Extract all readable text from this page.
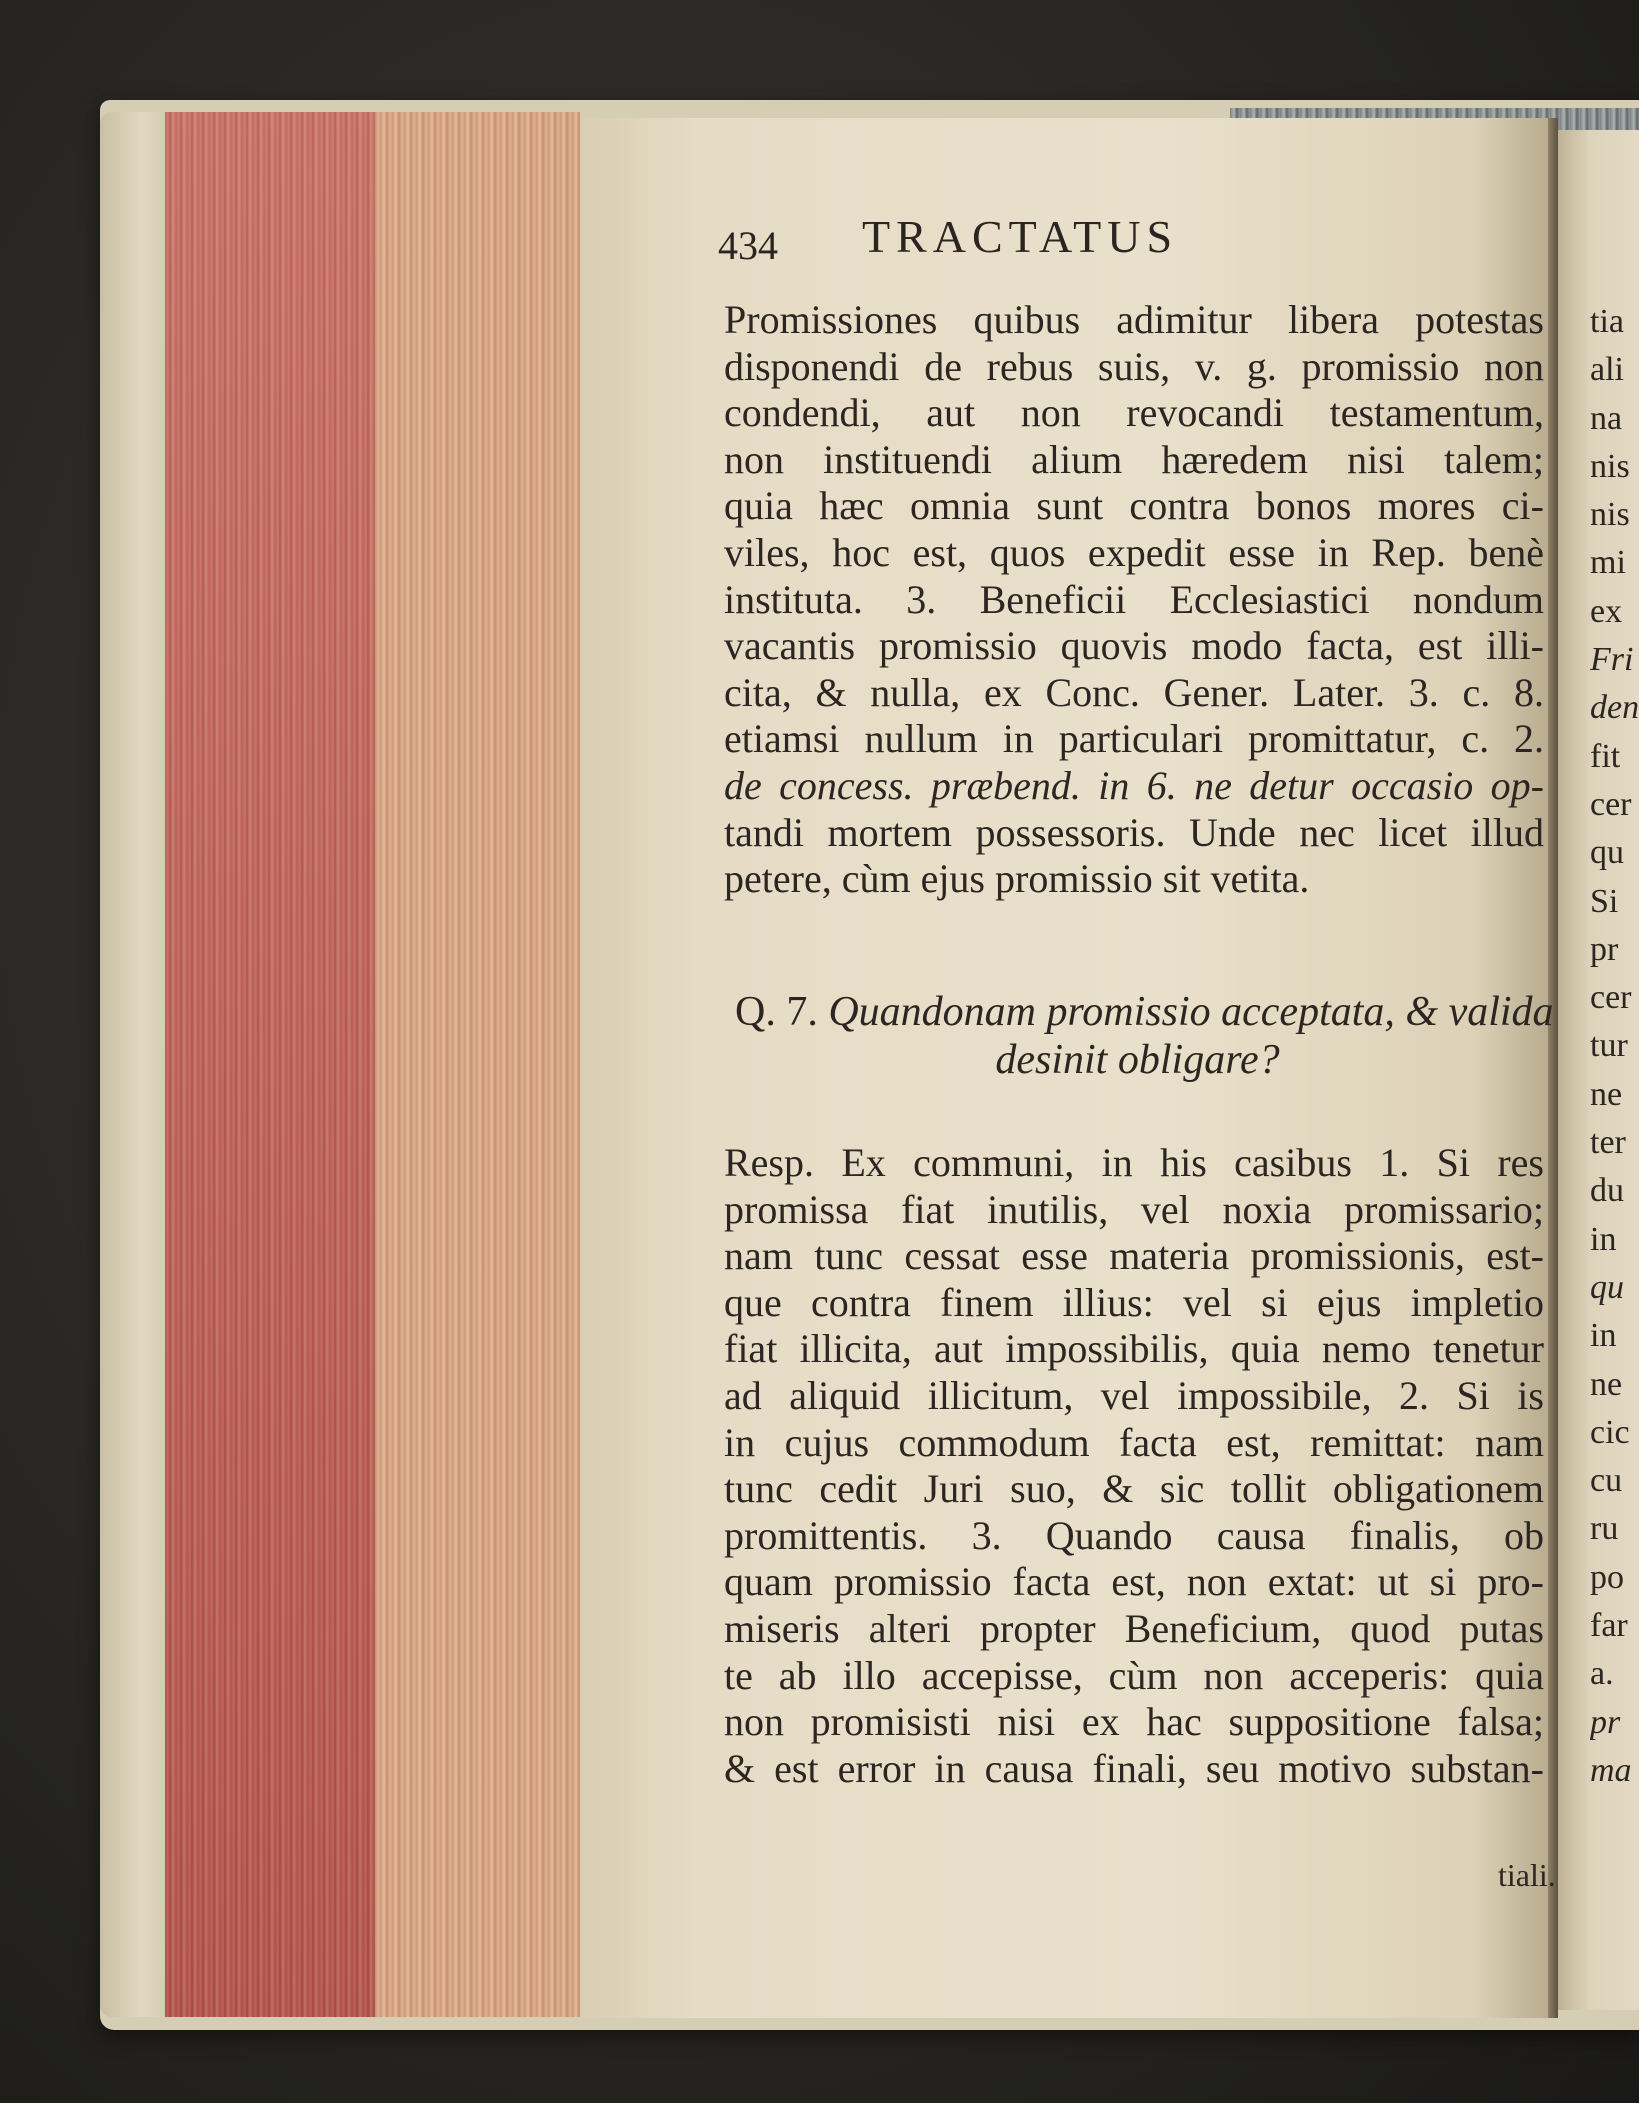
434	TRACTATUS
Promissiones quibus adimitur libera potestas
disponendi de rebus suis, v. g. promissio non
condendi, aut non revocandi testamentum,
non instituendi alium hæredem nisi talem;
quia hæc omnia sunt contra bonos mores ci-
viles, hoc est, quos expedit esse in Rep. benè
instituta. 3. Beneficii Ecclesiastici nondum
vacantis promissio quovis modo facta, est illi-
cita, & nulla, ex Conc. Gener. Later. 3. c. 8.
etiamsi nullum in particulari promittatur, c. 2.
de concess. præbend. in 6. ne detur occasio op-
tandi mortem possessoris. Unde nec licet illud
petere, cùm ejus promissio sit vetita.
Q. 7. Quandonam promissio acceptata, & valida
desinit obligare?
Resp. Ex communi, in his casibus 1. Si res
promissa fiat inutilis, vel noxia promissario;
nam tunc cessat esse materia promissionis, est-
que contra finem illius: vel si ejus impletio
fiat illicita, aut impossibilis, quia nemo tenetur
ad aliquid illicitum, vel impossibile, 2. Si is
in cujus commodum facta est, remittat: nam
tunc cedit Juri suo, & sic tollit obligationem
promittentis. 3. Quando causa finalis, ob
quam promissio facta est, non extat: ut si pro-
miseris alteri propter Beneficium, quod putas
te ab illo accepisse, cùm non acceperis: quia
non promisisti nisi ex hac suppositione falsa;
& est error in causa finali, seu motivo substan-
tiali.
tia
ali
na
nis
nis
mi
ex
Fri
den
fit
cer
qu
Si
pr
cer
tur
ne
ter
du
in
qu
in
ne
cic
cu
ru
po
far
a.
pr
ma
